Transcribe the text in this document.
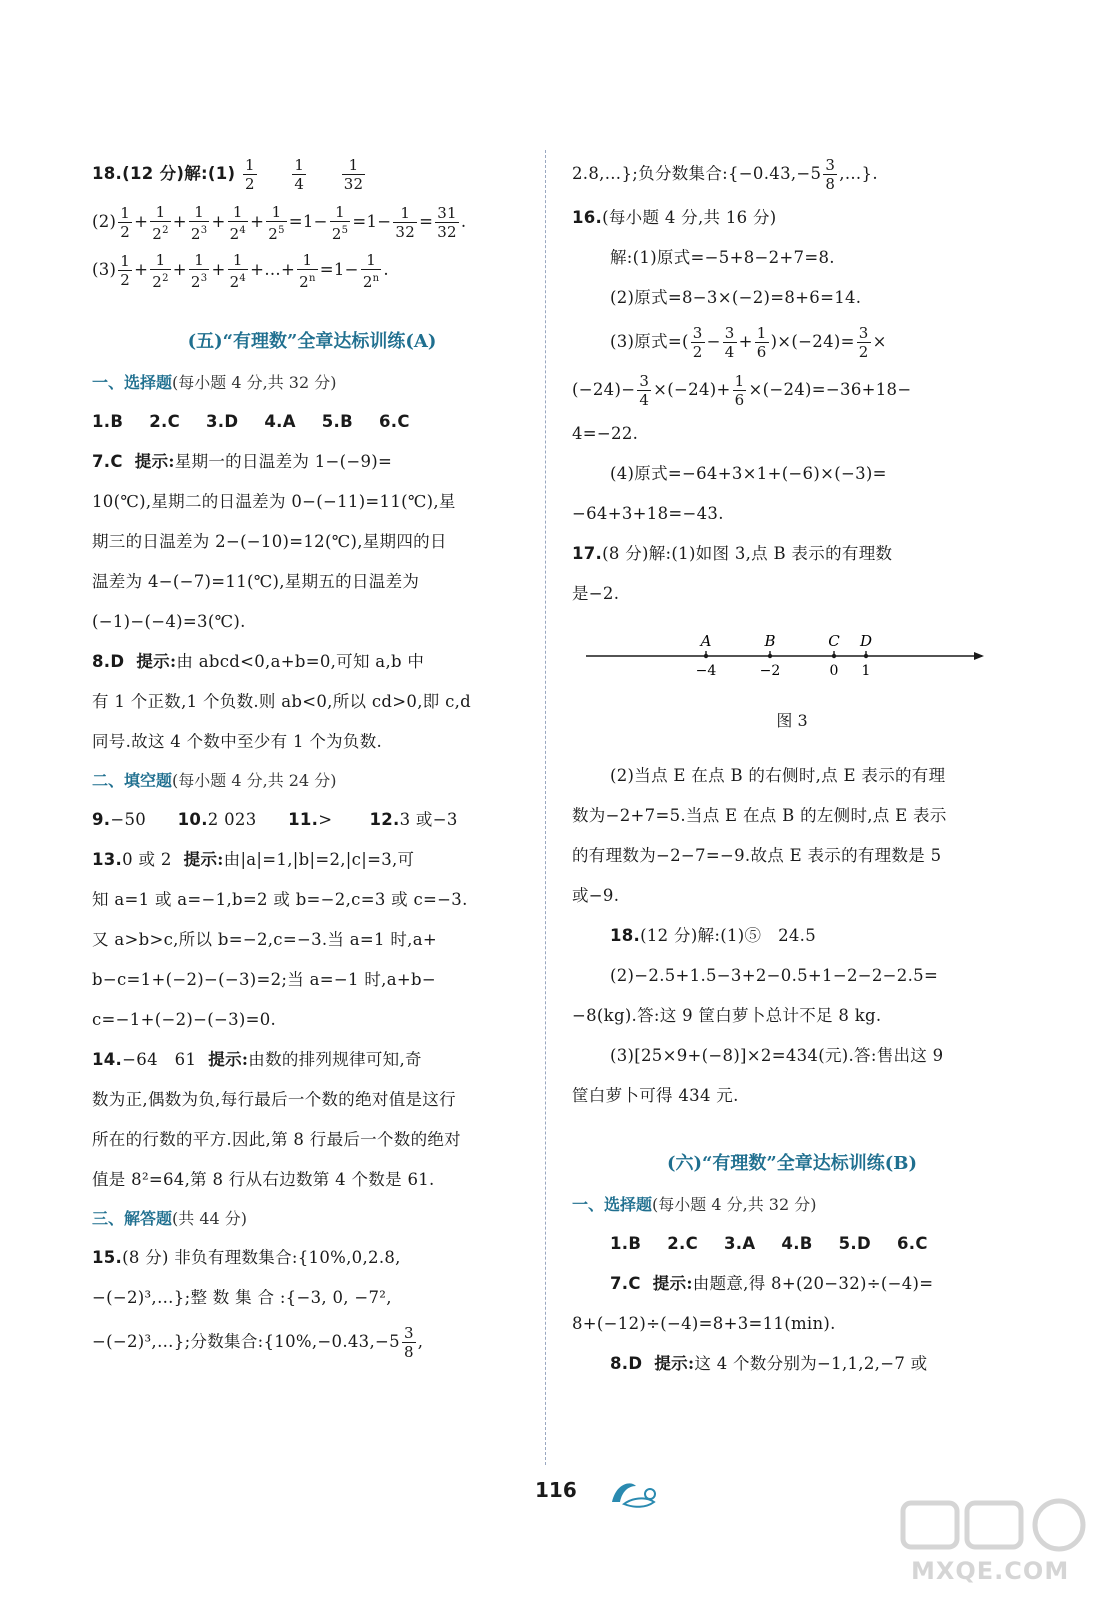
18.(12 分)解:(1) $\frac{1}{2}$
$\frac{1}{4}$
$\frac{1}{32}$
$(2) \frac{1}{2} + \frac{1}{2^2} + \frac{1}{2^3} + \frac{1}{2^4} + \frac{1}{2^5} =1- \frac{1}{2^5} =1- \frac{1}{32} = \frac{31}{32}$ .
$(3) \frac{1}{2} + \frac{1}{2^2} + \frac{1}{2^3} + \frac{1}{2^4}$ +…+ $\frac{1}{2^n} =1- \frac{1}{2^n}$ .
(五)“有理数”全章达标训练(A)
一、选择题(每小题 4 分,共 32 分)
1.B 2.C 3.D 4.A 5.B 6.C
7.C 提示:星期一的日温差为 1−(−9)=
10(℃),星期二的日温差为 0−(−11)=11(℃),星
期三的日温差为 2−(−10)=12(℃),星期四的日
温差为 4−(−7)=11(℃),星期五的日温差为
(−1)−(−4)=3(℃).
8.D 提示:由 abcd<0,a+b=0,可知 a,b 中
有 1 个正数,1 个负数.则 ab<0,所以 cd>0,即 c,d
同号.故这 4 个数中至少有 1 个为负数.
二、填空题(每小题 4 分,共 24 分)
9.−50 10.2 023 11.>  12.3 或−3
13.0 或 2 提示:由|a|=1,|b|=2,|c|=3,可
知 a=1 或 a=−1,b=2 或 b=−2,c=3 或 c=−3.
又 a>b>c,所以 b=−2,c=−3.当 a=1 时,a+
b−c=1+(−2)−(−3)=2;当 a=−1 时,a+b−
c=−1+(−2)−(−3)=0.
14.−64　61 提示:由数的排列规律可知,奇
数为正,偶数为负,每行最后一个数的绝对值是这行
所在的行数的平方.因此,第 8 行最后一个数的绝对
值是 8²=64,第 8 行从右边数第 4 个数是 61.
三、解答题(共 44 分)
15.(8 分) 非负有理数集合:{10%,0,2.8,
−(−2)³,…};整 数 集 合 :{−3, 0, −7²,
−(−2)³,…};分数集合:{10%,−0.43,−5 $\frac{3}{8}$ ,
2.8,…};负分数集合:{−0.43,−5 $\frac{3}{8}$ ,…}.
16.(每小题 4 分,共 16 分)
解:(1)原式=−5+8−2+7=8.
(2)原式=8−3×(−2)=8+6=14.
(3)原式=( $\frac{3}{2} - \frac{3}{4} + \frac{1}{6} )\times(-24)= \frac{3}{2}$ ×
$(-24)- \frac{3}{4} \times(-24)+ \frac{1}{6} \times(-24)=-36+18-$
4=−22.
(4)原式=−64+3×1+(−6)×(−3)=
−64+3+18=−43.
17.(8 分)解:(1)如图 3,点 B 表示的有理数
是−2.
A
−4
B
−2
C
0
D
1
图 3
(2)当点 E 在点 B 的右侧时,点 E 表示的有理
数为−2+7=5.当点 E 在点 B 的左侧时,点 E 表示
的有理数为−2−7=−9.故点 E 表示的有理数是 5
或−9.
18.(12 分)解:(1)⑤　24.5
(2)−2.5+1.5−3+2−0.5+1−2−2−2.5=
−8(kg).答:这 9 筐白萝卜总计不足 8 kg.
(3)[25×9+(−8)]×2=434(元).答:售出这 9
筐白萝卜可得 434 元.
(六)“有理数”全章达标训练(B)
一、选择题(每小题 4 分,共 32 分)
1.B 2.C 3.A 4.B 5.D 6.C
7.C 提示:由题意,得 8+(20−32)÷(−4)=
8+(−12)÷(−4)=8+3=11(min).
8.D 提示:这 4 个数分别为−1,1,2,−7 或
116
MXQE.COM
